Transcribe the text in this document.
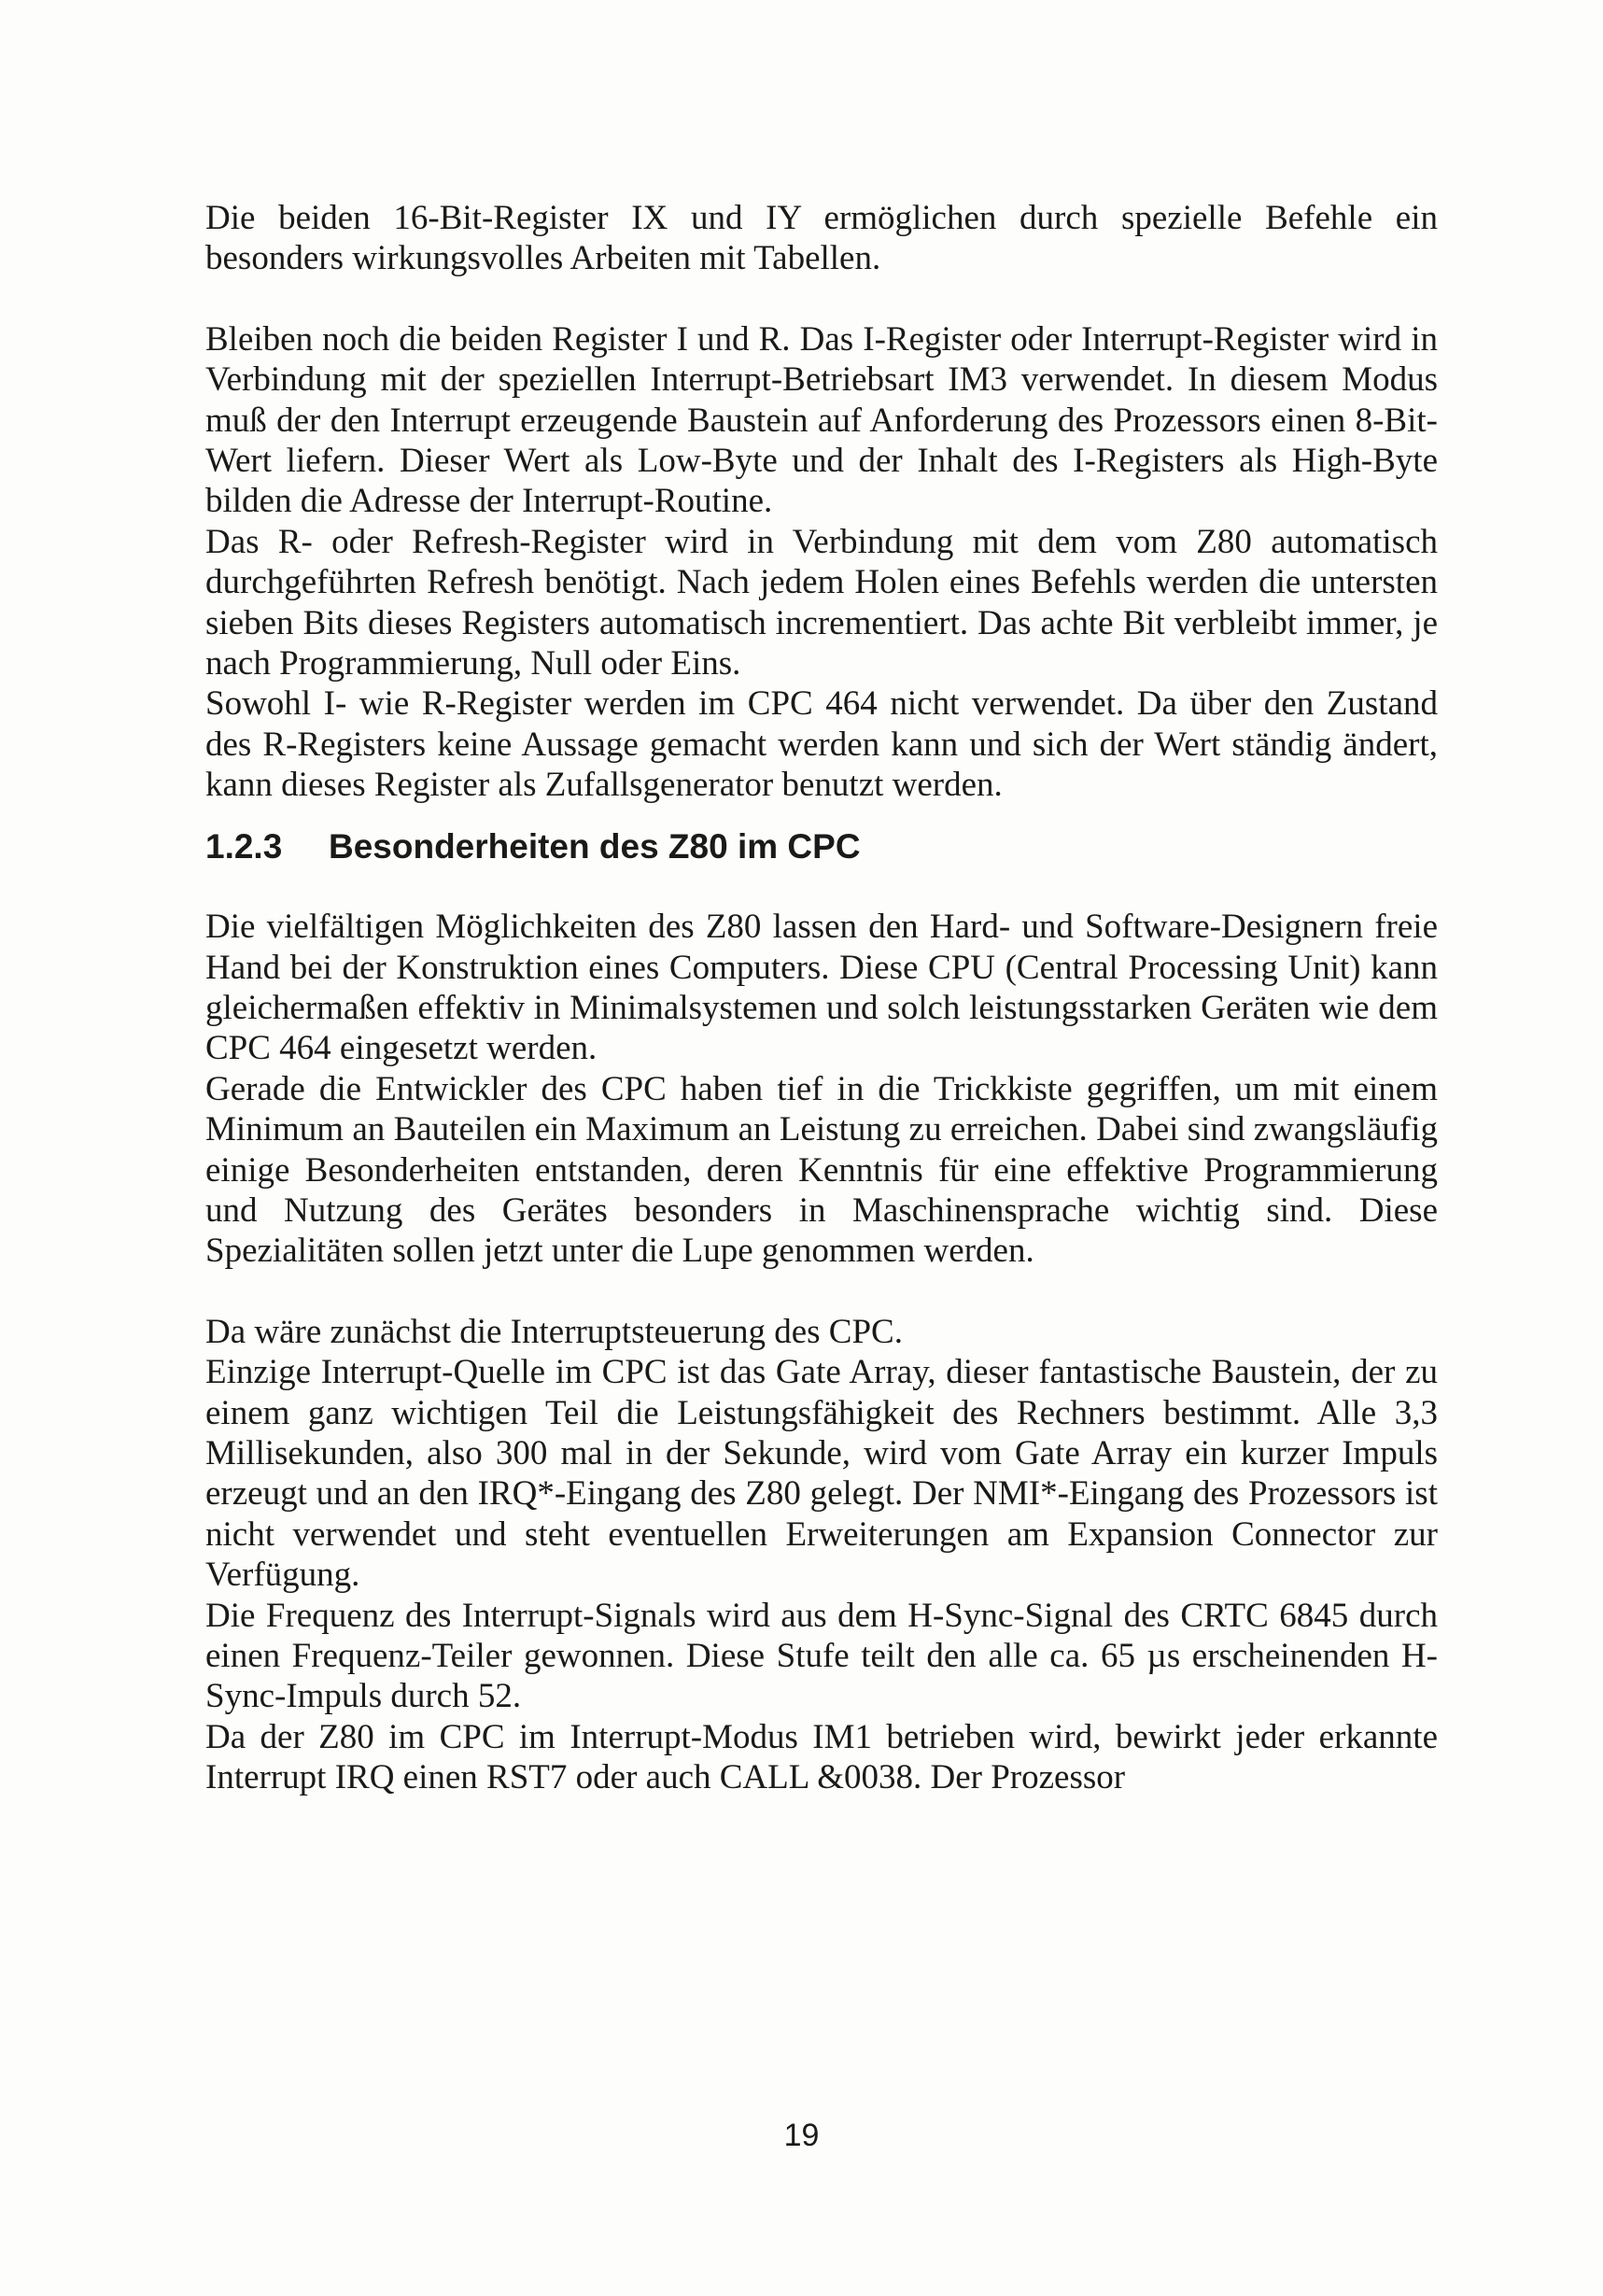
Die beiden 16-Bit-Register IX und IY ermöglichen durch spezielle Befehle ein besonders wirkungsvolles Arbeiten mit Tabellen.

Bleiben noch die beiden Register I und R. Das I-Register oder Interrupt-Register wird in Verbindung mit der speziellen Interrupt-Betriebsart IM3 verwendet. In diesem Modus muß der den Interrupt erzeugende Baustein auf Anforderung des Prozessors einen 8-Bit-Wert liefern. Dieser Wert als Low-Byte und der Inhalt des I-Registers als High-Byte bilden die Adresse der Interrupt-Routine.

Das R- oder Refresh-Register wird in Verbindung mit dem vom Z80 automatisch durchgeführten Refresh benötigt. Nach jedem Holen eines Befehls werden die untersten sieben Bits dieses Registers automatisch incrementiert. Das achte Bit verbleibt immer, je nach Programmierung, Null oder Eins.

Sowohl I- wie R-Register werden im CPC 464 nicht verwendet. Da über den Zustand des R-Registers keine Aussage gemacht werden kann und sich der Wert ständig ändert, kann dieses Register als Zufallsgenerator benutzt werden.

1.2.3 Besonderheiten des Z80 im CPC

Die vielfältigen Möglichkeiten des Z80 lassen den Hard- und Software-Designern freie Hand bei der Konstruktion eines Computers. Diese CPU (Central Processing Unit) kann gleichermaßen effektiv in Minimalsystemen und solch leistungsstarken Geräten wie dem CPC 464 eingesetzt werden.

Gerade die Entwickler des CPC haben tief in die Trickkiste gegriffen, um mit einem Minimum an Bauteilen ein Maximum an Leistung zu erreichen. Dabei sind zwangsläufig einige Besonderheiten entstanden, deren Kenntnis für eine effektive Programmierung und Nutzung des Gerätes besonders in Maschinensprache wichtig sind. Diese Spezialitäten sollen jetzt unter die Lupe genommen werden.

Da wäre zunächst die Interruptsteuerung des CPC.

Einzige Interrupt-Quelle im CPC ist das Gate Array, dieser fantastische Baustein, der zu einem ganz wichtigen Teil die Leistungsfähigkeit des Rechners bestimmt. Alle 3,3 Millisekunden, also 300 mal in der Sekunde, wird vom Gate Array ein kurzer Impuls erzeugt und an den IRQ*-Eingang des Z80 gelegt. Der NMI*-Eingang des Prozessors ist nicht verwendet und steht eventuellen Erweiterungen am Expansion Connector zur Verfügung.

Die Frequenz des Interrupt-Signals wird aus dem H-Sync-Signal des CRTC 6845 durch einen Frequenz-Teiler gewonnen. Diese Stufe teilt den alle ca. 65 µs erscheinenden H-Sync-Impuls durch 52.

Da der Z80 im CPC im Interrupt-Modus IM1 betrieben wird, bewirkt jeder erkannte Interrupt IRQ einen RST7 oder auch CALL &0038. Der Prozessor

19
